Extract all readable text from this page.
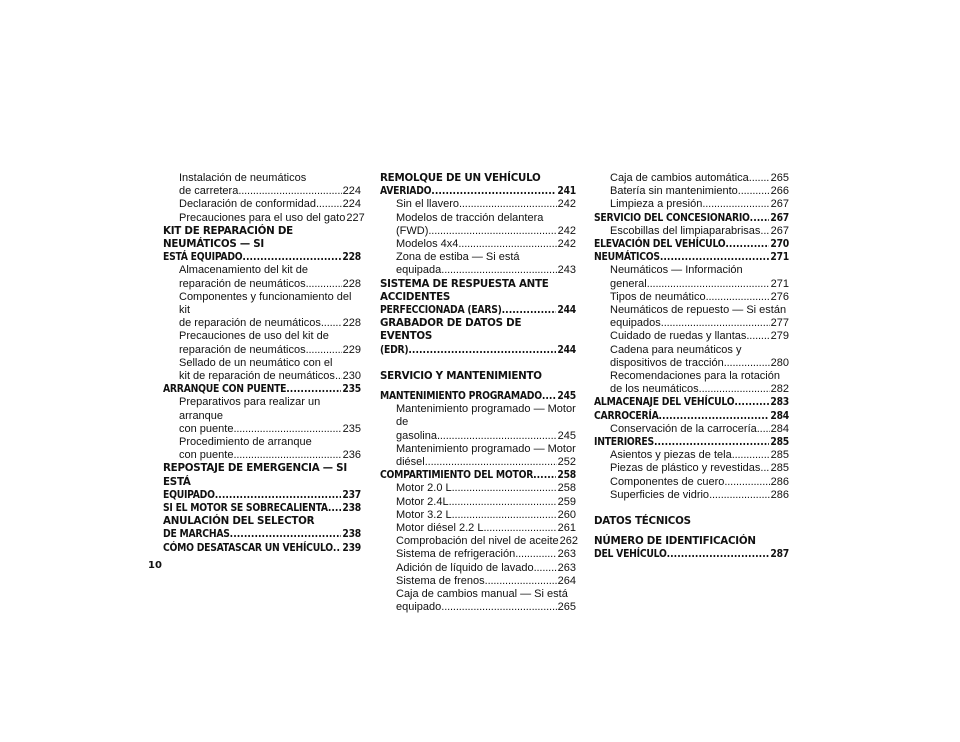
Instalación de neumáticos
de carretera . . .	224
Declaración de conformidad . . . 224
Precauciones para el uso del gato 227
KIT DE REPARACIÓN DE NEUMÁTICOS — SI
ESTÁ EQUIPADO . . .	228
Almacenamiento del kit de
reparación de neumáticos . . .	228
Componentes y funcionamiento del kit
de reparación de neumáticos . . . 228
Precauciones de uso del kit de
reparación de neumáticos . . .	229
Sellado de un neumático con el
kit de reparación de neumáticos . . . 230
ARRANQUE CON PUENTE . . .	235
Preparativos para realizar un arranque
con puente . . .	235
Procedimiento de arranque
con puente . . .	236
REPOSTAJE DE EMERGENCIA — SI ESTÁ
EQUIPADO . . .	237
SI EL MOTOR SE SOBRECALIENTA . . . 238
ANULACIÓN DEL SELECTOR
DE MARCHAS . . .	238
CÓMO DESATASCAR UN VEHÍCULO . . . 239
REMOLQUE DE UN VEHÍCULO
AVERIADO . . .	241
Sin el llavero . . .	242
Modelos de tracción delantera
(FWD) . . .	242
Modelos 4x4 . . .	242
Zona de estiba — Si está
equipada . . .	243
SISTEMA DE RESPUESTA ANTE ACCIDENTES
PERFECCIONADA (EARS) . . .	244
GRABADOR DE DATOS DE EVENTOS
(EDR) . . .	244
SERVICIO Y MANTENIMIENTO
MANTENIMIENTO PROGRAMADO . . . 245
Mantenimiento programado — Motor de
gasolina . . .	245
Mantenimiento programado — Motor
diésel . . .	252
COMPARTIMIENTO DEL MOTOR . . . 258
Motor 2.0 L . . .	258
Motor 2.4L . . .	259
Motor 3.2 L . . .	260
Motor diésel 2.2 L . . .	261
Comprobación del nivel de aceite 262
Sistema de refrigeración . . .	263
Adición de líquido de lavado . . . 263
Sistema de frenos . . .	264
Caja de cambios manual — Si está
equipado . . .	265
Caja de cambios automática . . . 265
Batería sin mantenimiento . . .	266
Limpieza a presión . . .	267
SERVICIO DEL CONCESIONARIO . . . 267
Escobillas del limpiaparabrisas . . . 267
ELEVACIÓN DEL VEHÍCULO . . .	270
NEUMÁTICOS . . .	271
Neumáticos — Información
general . . .	271
Tipos de neumático . . .	276
Neumáticos de repuesto — Si están
equipados . . .	277
Cuidado de ruedas y llantas . . . 279
Cadena para neumáticos y
dispositivos de tracción . . .	280
Recomendaciones para la rotación
de los neumáticos . . .	282
ALMACENAJE DEL VEHÍCULO . . .	283
CARROCERÍA . . .	284
Conservación de la carrocería . . . 284
INTERIORES . . .	285
Asientos y piezas de tela . . .	285
Piezas de plástico y revestidas . . . 285
Componentes de cuero . . .	286
Superficies de vidrio . . .	286
DATOS TÉCNICOS
NÚMERO DE IDENTIFICACIÓN
DEL VEHÍCULO . . .	287
10
